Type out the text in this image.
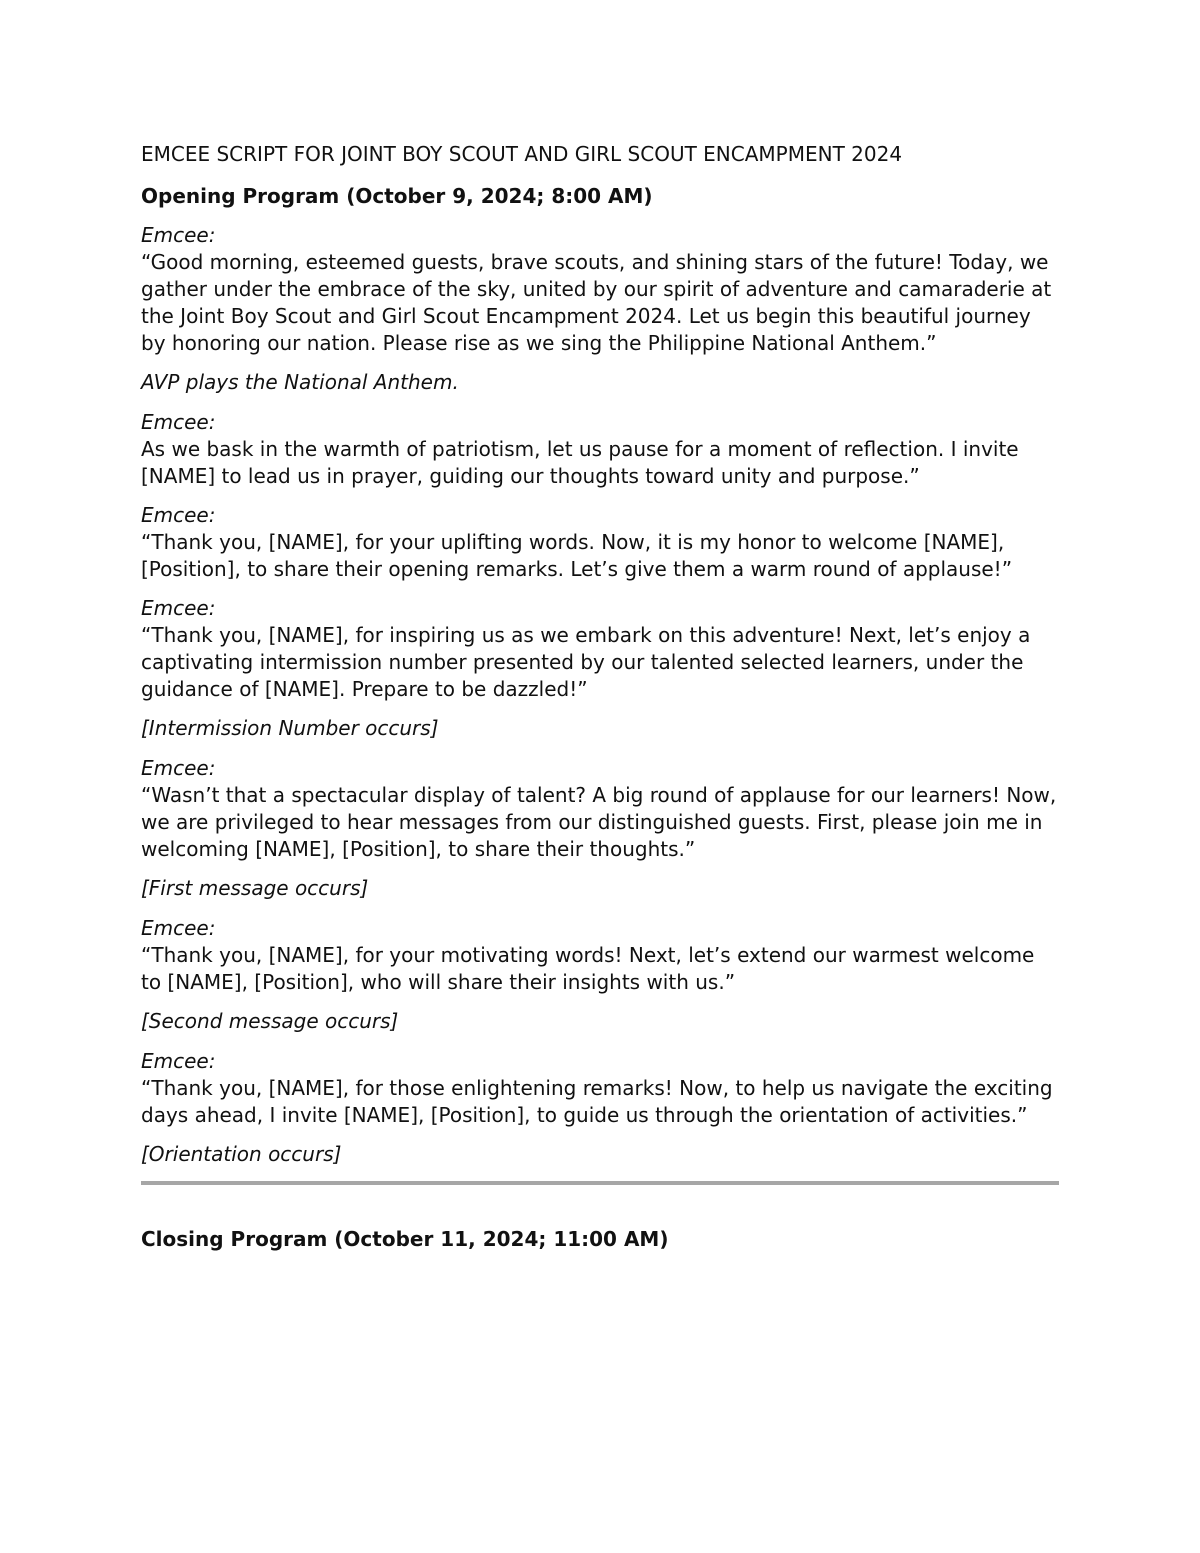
EMCEE SCRIPT FOR JOINT BOY SCOUT AND GIRL SCOUT ENCAMPMENT 2024
Opening Program (October 9, 2024; 8:00 AM)
Emcee:
“Good morning, esteemed guests, brave scouts, and shining stars of the future! Today, we gather under the embrace of the sky, united by our spirit of adventure and camaraderie at the Joint Boy Scout and Girl Scout Encampment 2024. Let us begin this beautiful journey by honoring our nation. Please rise as we sing the Philippine National Anthem.”
AVP plays the National Anthem.
Emcee:
As we bask in the warmth of patriotism, let us pause for a moment of reflection. I invite [NAME] to lead us in prayer, guiding our thoughts toward unity and purpose.”
Emcee:
“Thank you, [NAME], for your uplifting words. Now, it is my honor to welcome [NAME], [Position], to share their opening remarks. Let’s give them a warm round of applause!”
Emcee:
“Thank you, [NAME], for inspiring us as we embark on this adventure! Next, let’s enjoy a captivating intermission number presented by our talented selected learners, under the guidance of [NAME]. Prepare to be dazzled!”
[Intermission Number occurs]
Emcee:
“Wasn’t that a spectacular display of talent? A big round of applause for our learners! Now, we are privileged to hear messages from our distinguished guests. First, please join me in welcoming [NAME], [Position], to share their thoughts.”
[First message occurs]
Emcee:
“Thank you, [NAME], for your motivating words! Next, let’s extend our warmest welcome to [NAME], [Position], who will share their insights with us.”
[Second message occurs]
Emcee:
“Thank you, [NAME], for those enlightening remarks! Now, to help us navigate the exciting days ahead, I invite [NAME], [Position], to guide us through the orientation of activities.”
[Orientation occurs]
Closing Program (October 11, 2024; 11:00 AM)
